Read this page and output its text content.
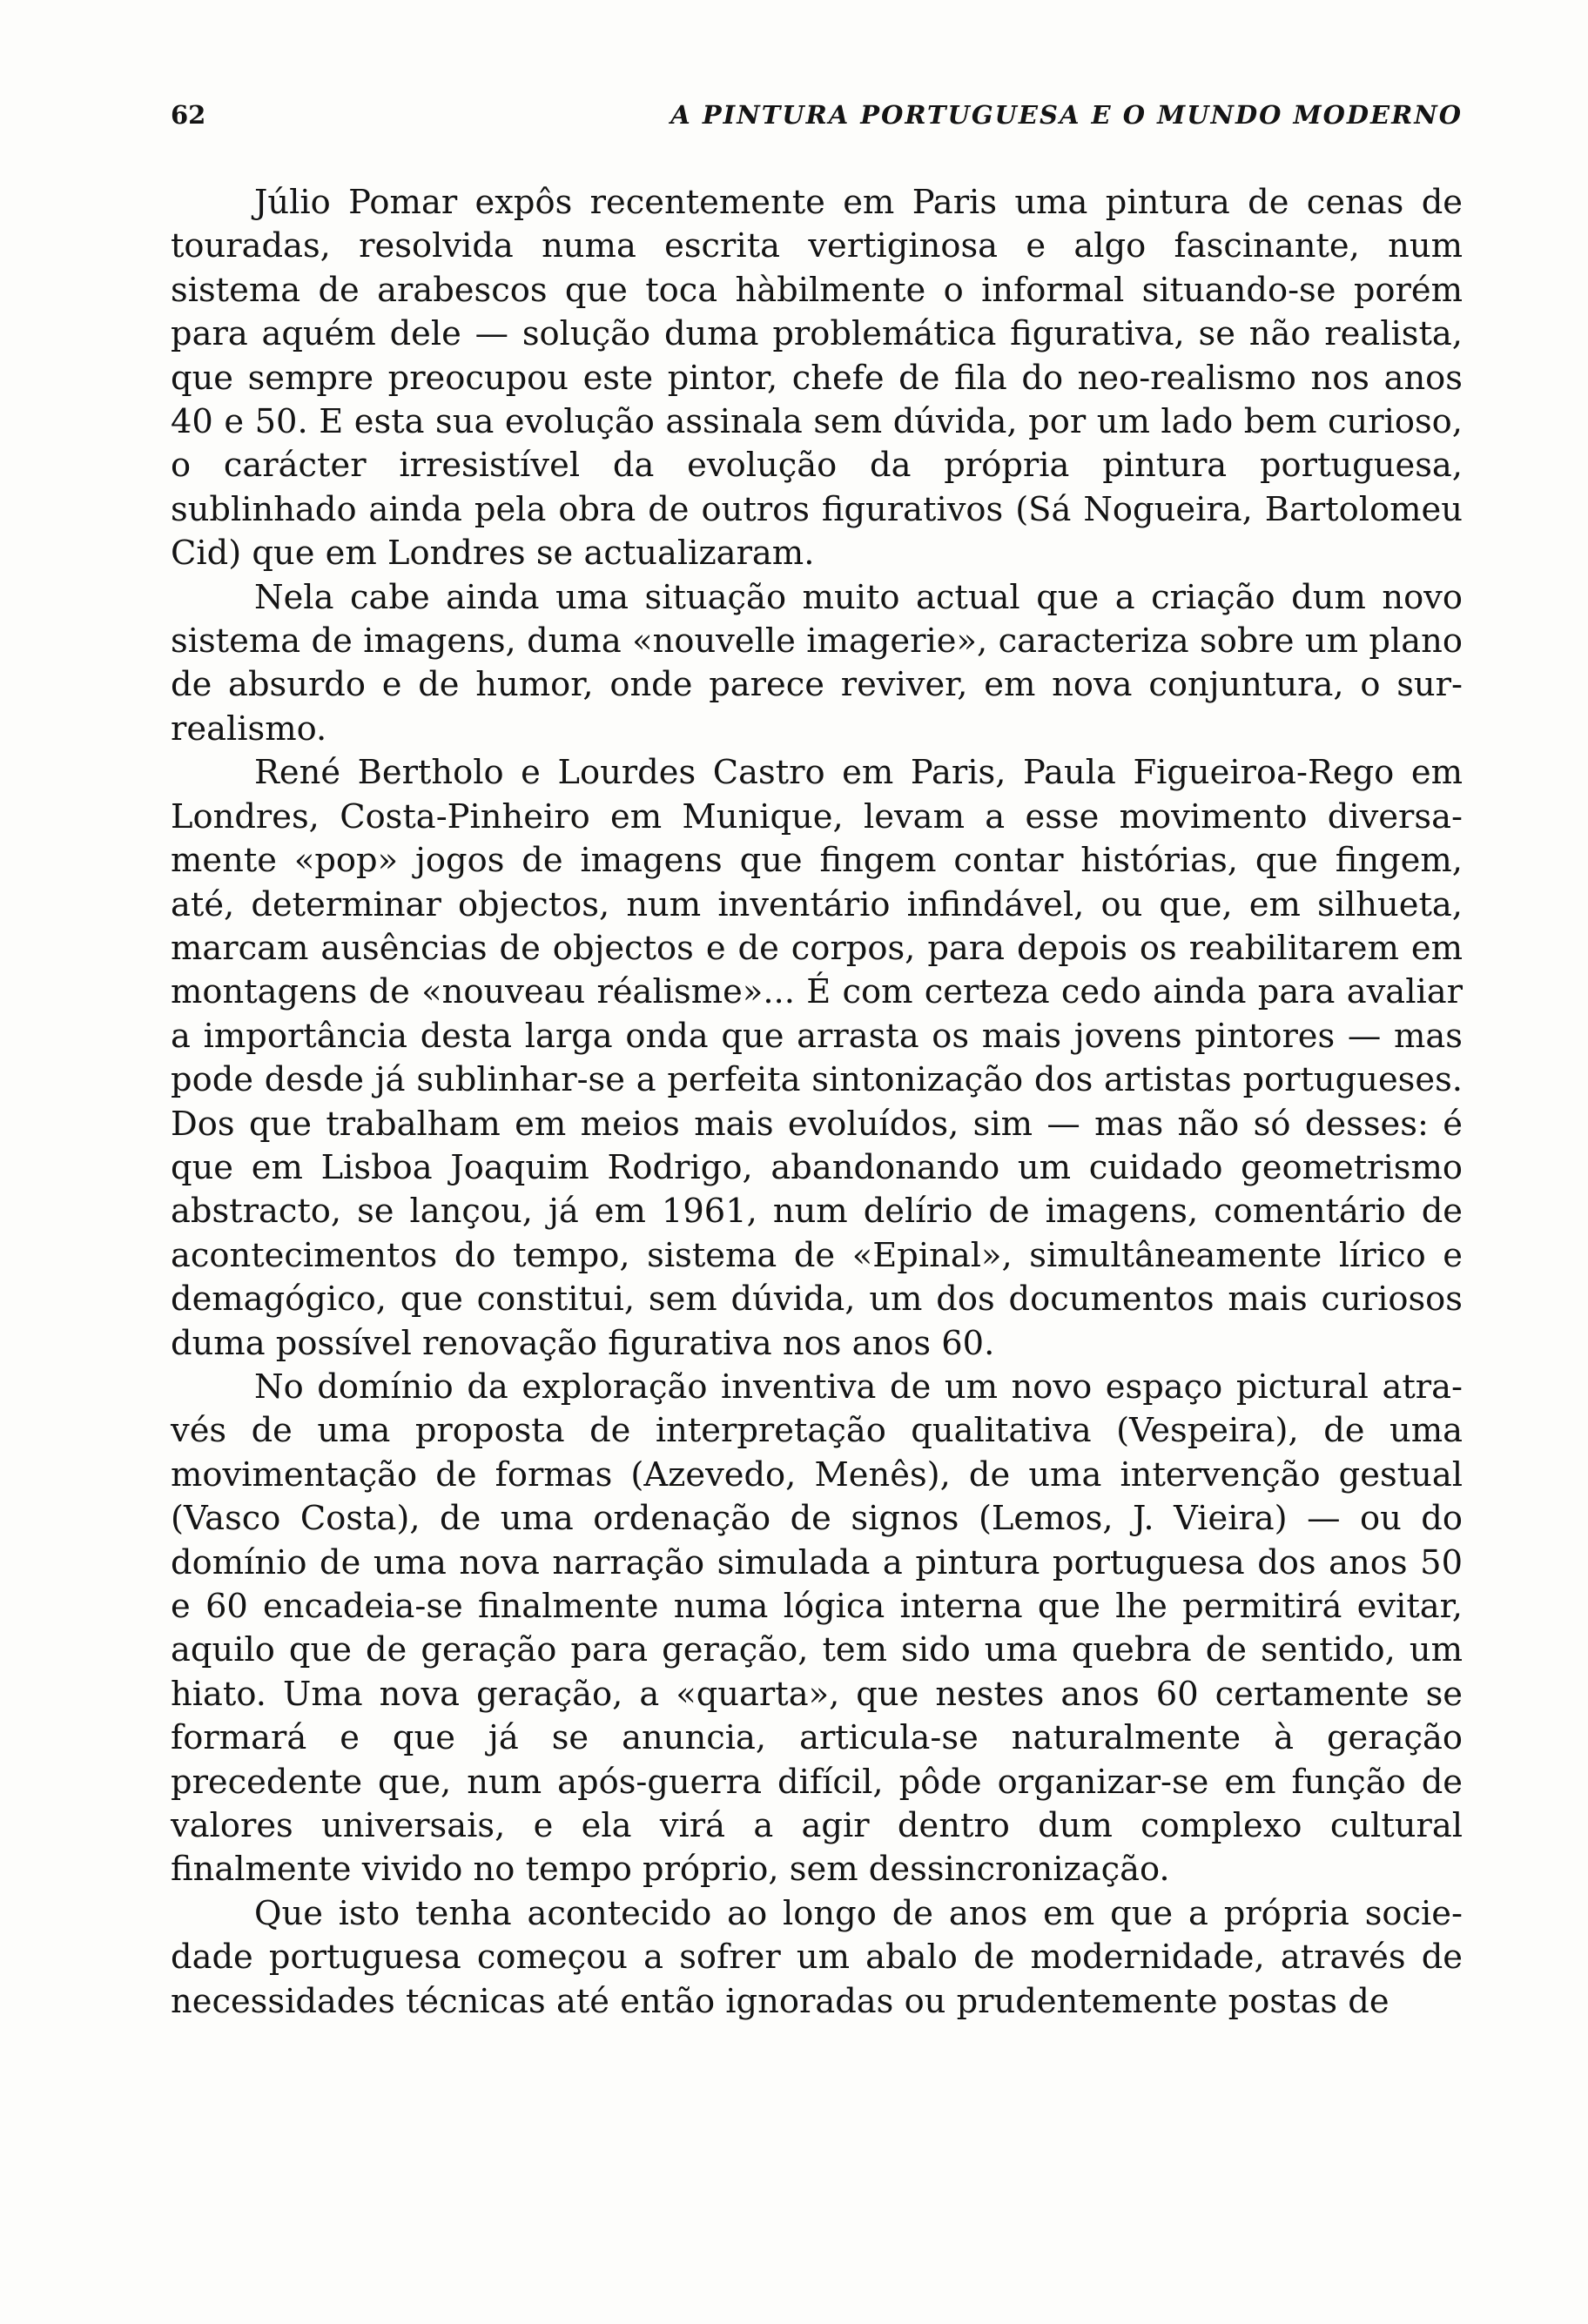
62	A PINTURA PORTUGUESA E O MUNDO MODERNO

Júlio Pomar expôs recentemente em Paris uma pintura de cenas de touradas, resolvida numa escrita vertiginosa e algo fascinante, num sistema de arabescos que toca hàbilmente o informal situando-se porém para aquém dele — solução duma problemática figurativa, se não realista, que sempre preocupou este pintor, chefe de fila do neo-realismo nos anos 40 e 50. E esta sua evolução assinala sem dúvida, por um lado bem curioso, o carácter irresistível da evolução da própria pintura portuguesa, sublinhado ainda pela obra de outros figurativos (Sá Nogueira, Bartolomeu Cid) que em Londres se actualizaram.

Nela cabe ainda uma situação muito actual que a criação dum novo sistema de imagens, duma «nouvelle imagerie», caracteriza sobre um plano de absurdo e de humor, onde parece reviver, em nova conjuntura, o surrealismo.

René Bertholo e Lourdes Castro em Paris, Paula Figueiroa-Rego em Londres, Costa-Pinheiro em Munique, levam a esse movimento diversamente «pop» jogos de imagens que fingem contar histórias, que fingem, até, determinar objectos, num inventário infindável, ou que, em silhueta, marcam ausências de objectos e de corpos, para depois os reabilitarem em montagens de «nouveau réalisme»... É com certeza cedo ainda para avaliar a importância desta larga onda que arrasta os mais jovens pintores — mas pode desde já sublinhar-se a perfeita sintonização dos artistas portugueses. Dos que trabalham em meios mais evoluídos, sim — mas não só desses: é que em Lisboa Joaquim Rodrigo, abandonando um cuidado geometrismo abstracto, se lançou, já em 1961, num delírio de imagens, comentário de acontecimentos do tempo, sistema de «Epinal», simultâneamente lírico e demagógico, que constitui, sem dúvida, um dos documentos mais curiosos duma possível renovação figurativa nos anos 60.

No domínio da exploração inventiva de um novo espaço pictural através de uma proposta de interpretação qualitativa (Vespeira), de uma movimentação de formas (Azevedo, Menês), de uma intervenção gestual (Vasco Costa), de uma ordenação de signos (Lemos, J. Vieira) — ou do domínio de uma nova narração simulada a pintura portuguesa dos anos 50 e 60 encadeia-se finalmente numa lógica interna que lhe permitirá evitar, aquilo que de geração para geração, tem sido uma quebra de sentido, um hiato. Uma nova geração, a «quarta», que nestes anos 60 certamente se formará e que já se anuncia, articula-se naturalmente à geração precedente que, num após-guerra difícil, pôde organizar-se em função de valores universais, e ela virá a agir dentro dum complexo cultural finalmente vivido no tempo próprio, sem dessincronização.

Que isto tenha acontecido ao longo de anos em que a própria sociedade portuguesa começou a sofrer um abalo de modernidade, através de necessidades técnicas até então ignoradas ou prudentemente postas de
